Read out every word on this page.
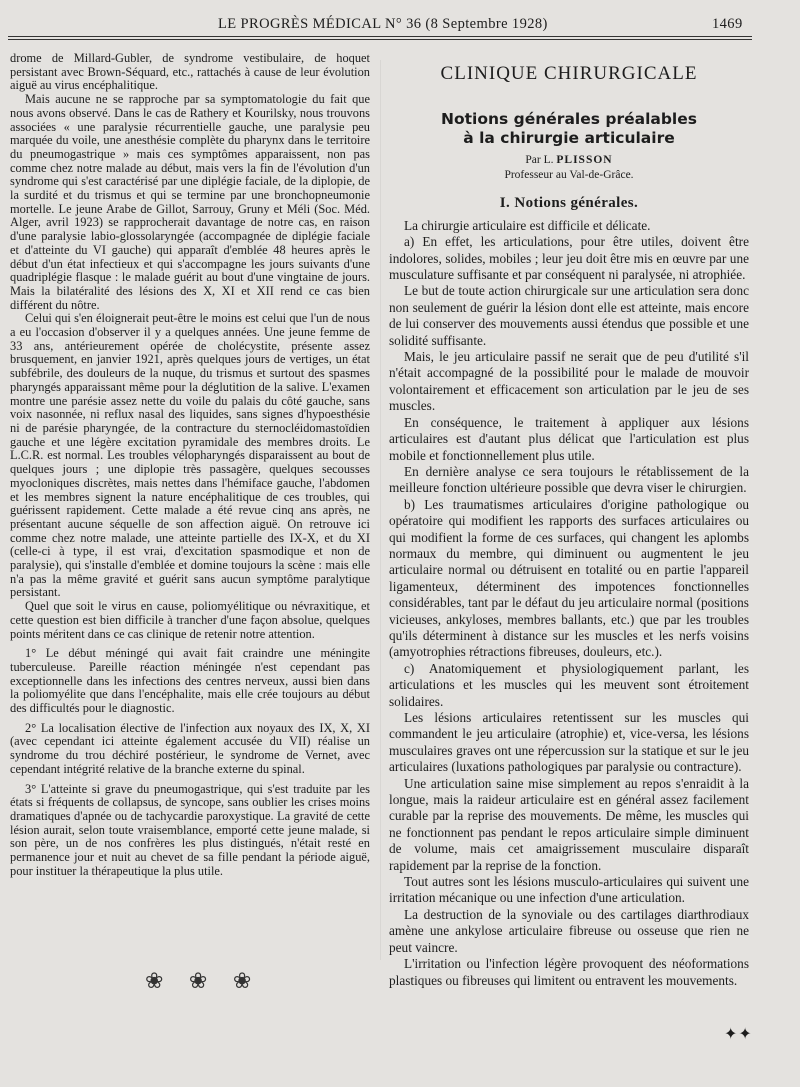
LE PROGRÈS MÉDICAL N° 36 (8 Septembre 1928)	1469

drome de Millard-Gubler, de syndrome vestibulaire, de hoquet persistant avec Brown-Séquard, etc., rattachés à cause de leur évolution aiguë au virus encéphalitique.

Mais aucune ne se rapproche par sa symptomatologie du fait que nous avons observé. Dans le cas de Rathery et Kourilsky, nous trouvons associées « une paralysie récurrentielle gauche, une paralysie peu marquée du voile, une anesthésie complète du pharynx dans le territoire du pneumogastrique » mais ces symptômes apparaissent, non pas comme chez notre malade au début, mais vers la fin de l'évolution d'un syndrome qui s'est caractérisé par une diplégie faciale, de la diplopie, de la surdité et du trismus et qui se termine par une bronchopneumonie mortelle. Le jeune Arabe de Gillot, Sarrouy, Gruny et Méli (Soc. Méd. Alger, avril 1923) se rapprocherait davantage de notre cas, en raison d'une paralysie labio-glossolaryngée (accompagnée de diplégie faciale et d'atteinte du VI gauche) qui apparaît d'emblée 48 heures après le début d'un état infectieux et qui s'accompagne les jours suivants d'une quadriplégie flasque : le malade guérit au bout d'une vingtaine de jours. Mais la bilatéralité des lésions des X, XI et XII rend ce cas bien différent du nôtre.

Celui qui s'en éloignerait peut-être le moins est celui que l'un de nous a eu l'occasion d'observer il y a quelques années. Une jeune femme de 33 ans, antérieurement opérée de cholécystite, présente assez brusquement, en janvier 1921, après quelques jours de vertiges, un état subfébrile, des douleurs de la nuque, du trismus et surtout des spasmes pharyngés apparaissant même pour la déglutition de la salive. L'examen montre une parésie assez nette du voile du palais du côté gauche, sans voix nasonnée, ni reflux nasal des liquides, sans signes d'hypoesthésie ni de parésie pharyngée, de la contracture du sternocléidomastoïdien gauche et une légère excitation pyramidale des membres droits. Le L.C.R. est normal. Les troubles vélopharyngés disparaissent au bout de quelques jours ; une diplopie très passagère, quelques secousses myocloniques discrètes, mais nettes dans l'hémiface gauche, l'abdomen et les membres signent la nature encéphalitique de ces troubles, qui guérissent rapidement. Cette malade a été revue cinq ans après, ne présentant aucune séquelle de son affection aiguë. On retrouve ici comme chez notre malade, une atteinte partielle des IX-X, et du XI (celle-ci à type, il est vrai, d'excitation spasmodique et non de paralysie), qui s'installe d'emblée et domine toujours la scène : mais elle n'a pas la même gravité et guérit sans aucun symptôme paralytique persistant.

Quel que soit le virus en cause, poliomyélitique ou névraxitique, et cette question est bien difficile à trancher d'une façon absolue, quelques points méritent dans ce cas clinique de retenir notre attention.

1° Le début méningé qui avait fait craindre une méningite tuberculeuse. Pareille réaction méningée n'est cependant pas exceptionnelle dans les infections des centres nerveux, aussi bien dans la poliomyélite que dans l'encéphalite, mais elle crée toujours au début des difficultés pour le diagnostic.

2° La localisation élective de l'infection aux noyaux des IX, X, XI (avec cependant ici atteinte également accusée du VII) réalise un syndrome du trou déchiré postérieur, le syndrome de Vernet, avec cependant intégrité relative de la branche externe du spinal.

3° L'atteinte si grave du pneumogastrique, qui s'est traduite par les états si fréquents de collapsus, de syncope, sans oublier les crises moins dramatiques d'apnée ou de tachycardie paroxystique. La gravité de cette lésion aurait, selon toute vraisemblance, emporté cette jeune malade, si son père, un de nos confrères les plus distingués, n'était resté en permanence jour et nuit au chevet de sa fille pendant la période aiguë, pour instituer la thérapeutique la plus utile.

❀ ❀ ❀
CLINIQUE CHIRURGICALE

Notions générales préalables

à la chirurgie articulaire

Par L. PLISSON
Professeur au Val-de-Grâce.
I. Notions générales.

La chirurgie articulaire est difficile et délicate.

a) En effet, les articulations, pour être utiles, doivent être indolores, solides, mobiles ; leur jeu doit être mis en œuvre par une musculature suffisante et par conséquent ni paralysée, ni atrophiée.

Le but de toute action chirurgicale sur une articulation sera donc non seulement de guérir la lésion dont elle est atteinte, mais encore de lui conserver des mouvements aussi étendus que possible et une solidité suffisante.

Mais, le jeu articulaire passif ne serait que de peu d'utilité s'il n'était accompagné de la possibilité pour le malade de mouvoir volontairement et efficacement son articulation par le jeu de ses muscles.

En conséquence, le traitement à appliquer aux lésions articulaires est d'autant plus délicat que l'articulation est plus mobile et fonctionnellement plus utile.

En dernière analyse ce sera toujours le rétablissement de la meilleure fonction ultérieure possible que devra viser le chirurgien.

b) Les traumatismes articulaires d'origine pathologique ou opératoire qui modifient les rapports des surfaces articulaires ou qui modifient la forme de ces surfaces, qui changent les aplombs normaux du membre, qui diminuent ou augmentent le jeu articulaire normal ou détruisent en totalité ou en partie l'appareil ligamenteux, déterminent des impotences fonctionnelles considérables, tant par le défaut du jeu articulaire normal (positions vicieuses, ankyloses, membres ballants, etc.) que par les troubles qu'ils déterminent à distance sur les muscles et les nerfs voisins (amyotrophies rétractions fibreuses, douleurs, etc.).

c) Anatomiquement et physiologiquement parlant, les articulations et les muscles qui les meuvent sont étroitement solidaires.

Les lésions articulaires retentissent sur les muscles qui commandent le jeu articulaire (atrophie) et, vice-versa, les lésions musculaires graves ont une répercussion sur la statique et sur le jeu articulaires (luxations pathologiques par paralysie ou contracture).

Une articulation saine mise simplement au repos s'enraidit à la longue, mais la raideur articulaire est en général assez facilement curable par la reprise des mouvements. De même, les muscles qui ne fonctionnent pas pendant le repos articulaire simple diminuent de volume, mais cet amaigrissement musculaire disparaît rapidement par la reprise de la fonction.

Tout autres sont les lésions musculo-articulaires qui suivent une irritation mécanique ou une infection d'une articulation.

La destruction de la synoviale ou des cartilages diarthrodiaux amène une ankylose articulaire fibreuse ou osseuse que rien ne peut vaincre.

L'irritation ou l'infection légère provoquent des néoformations plastiques ou fibreuses qui limitent ou entravent les mouvements.

✦✦
